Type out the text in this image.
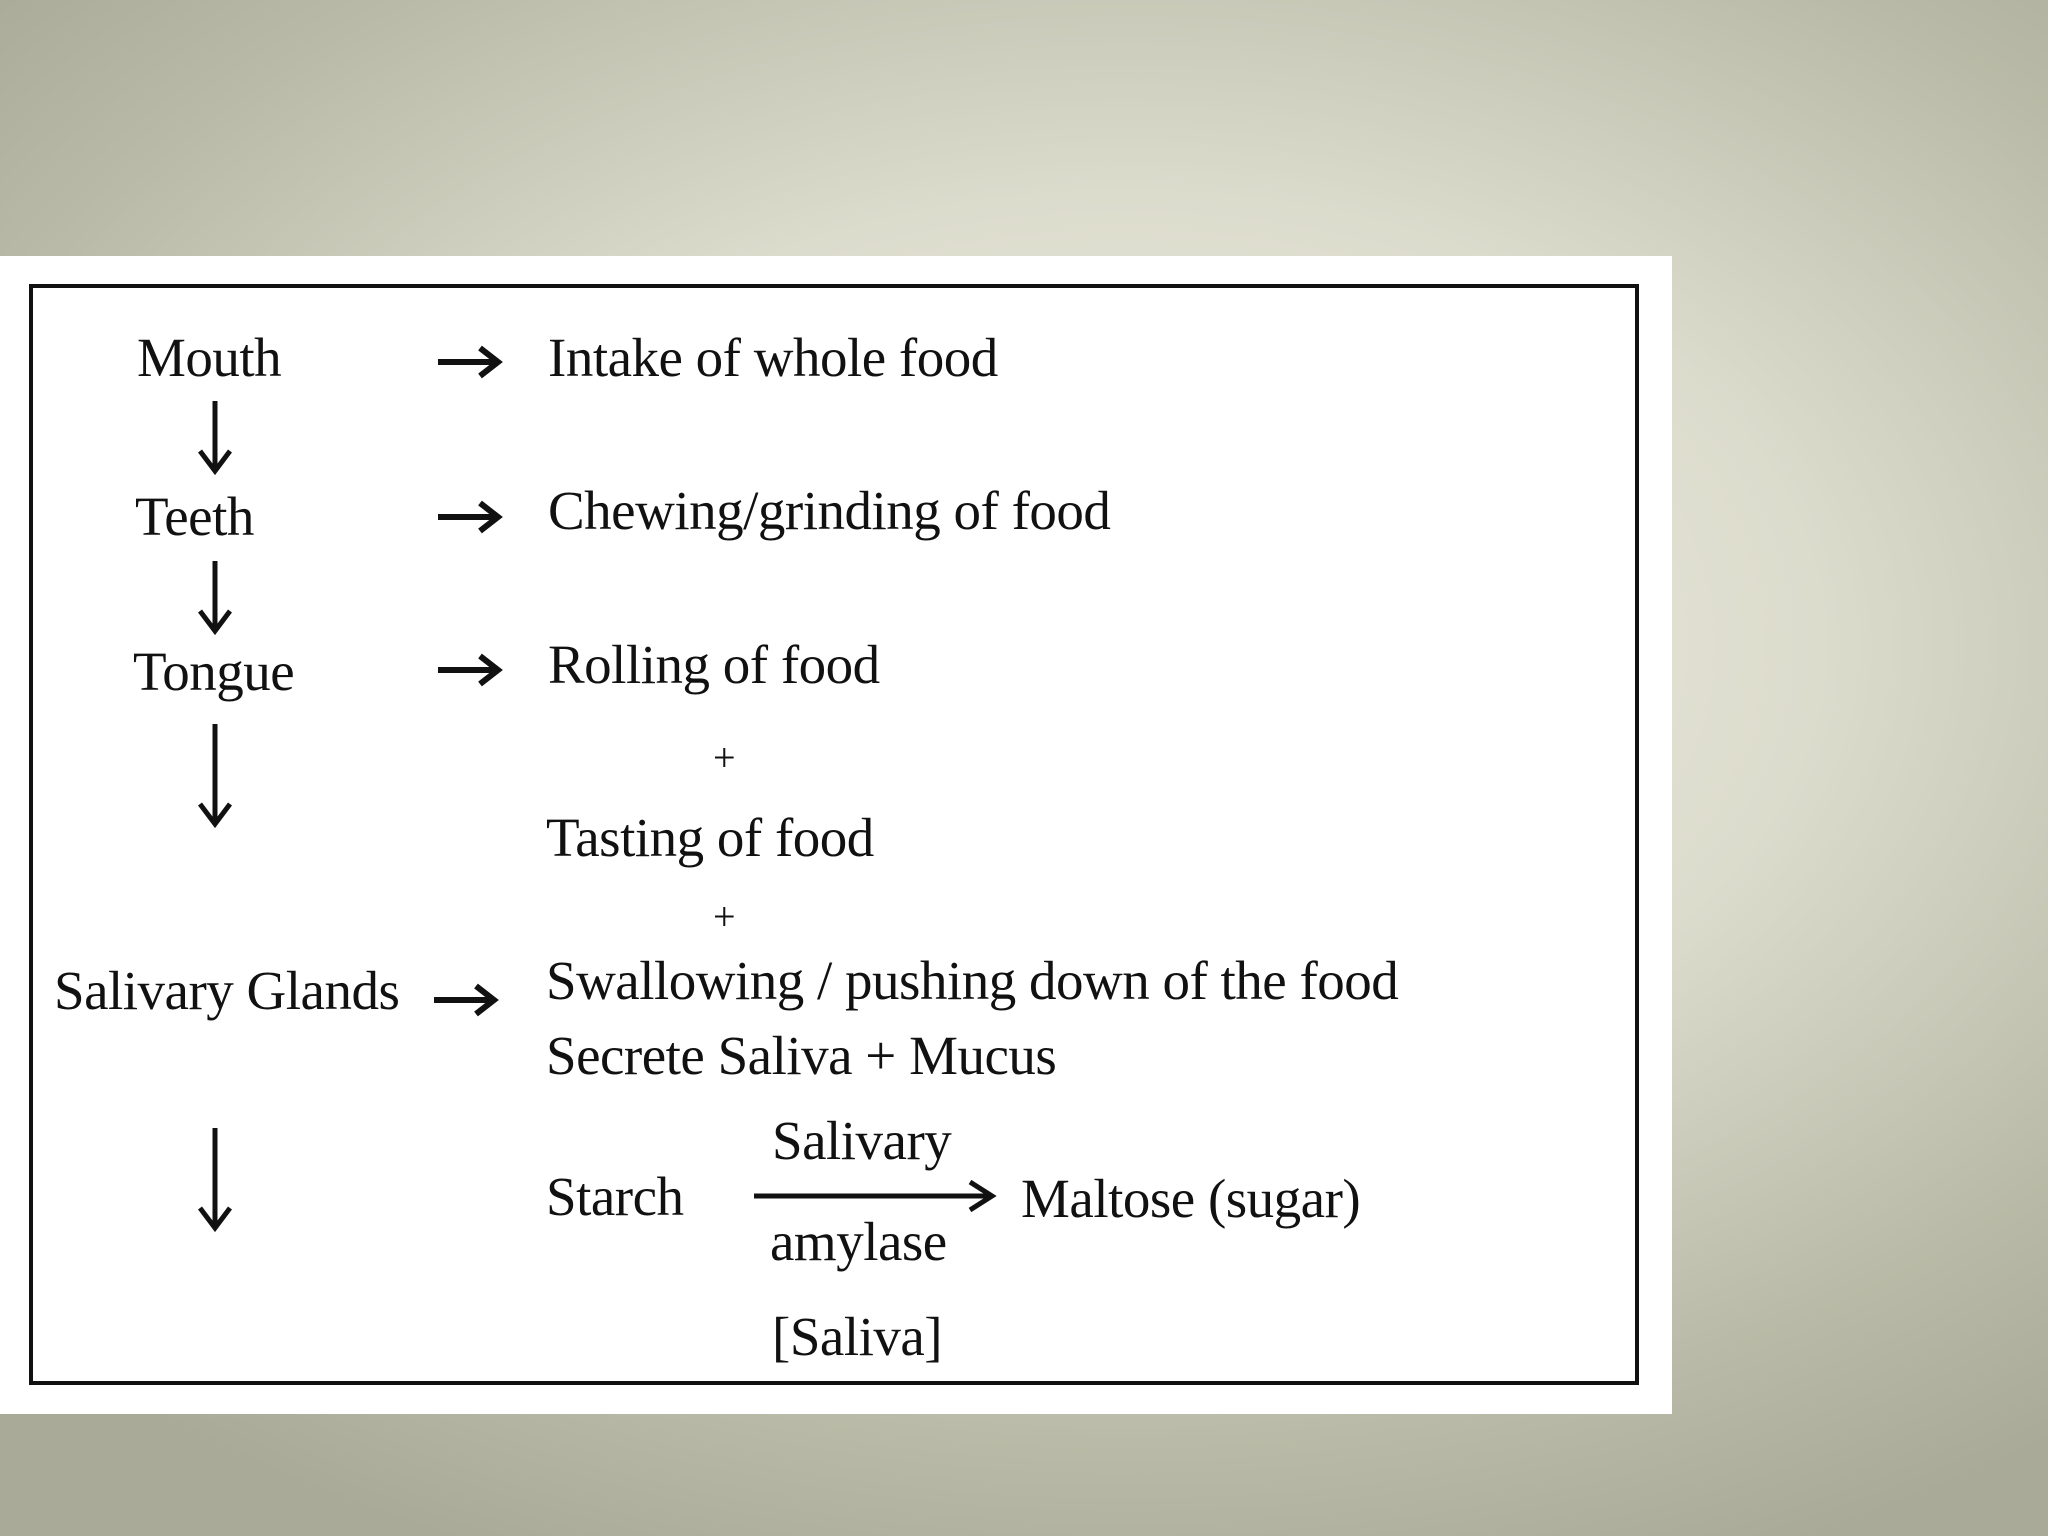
Mouth
Teeth
Tongue
Salivary Glands
Intake of whole food
Chewing/grinding of food
Rolling of food
+
Tasting of food
+
Swallowing / pushing down of the food
Secrete Saliva + Mucus
Starch
Salivary
amylase
Maltose (sugar)
[Saliva]
